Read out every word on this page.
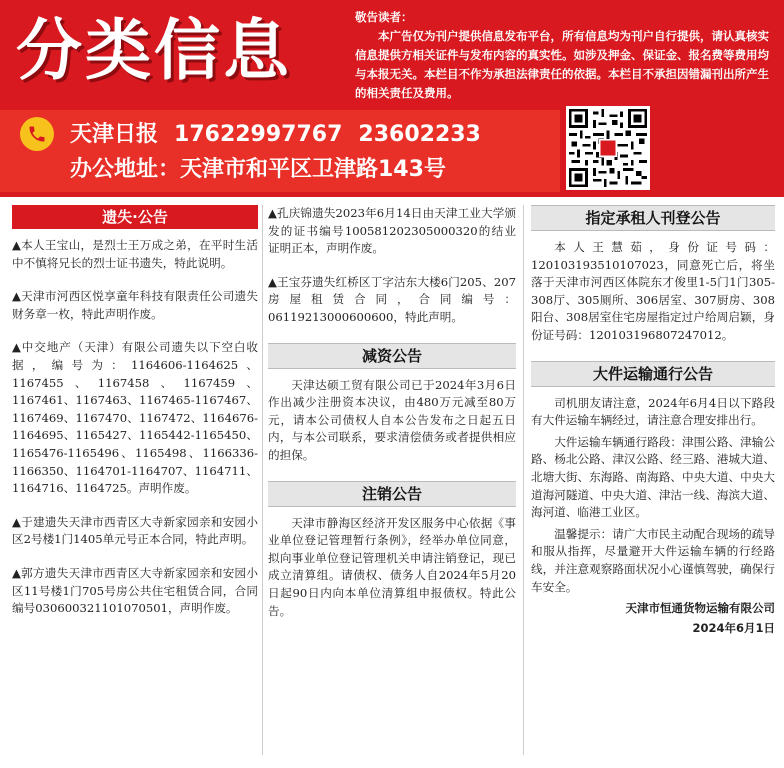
分类信息	敬告读者：
本广告仅为刊户提供信息发布平台，所有信息均为刊户自行提供，请认真核实信息提供方相关证件与发布内容的真实性。如涉及押金、保证金、报名费等费用均与本报无关。本栏目不作为承担法律责任的依据。本栏目不承担因错漏刊出所产生的相关责任及费用。
天津日报 17622997767 23602233
办公地址：天津市和平区卫津路143号
遗失·公告

▲本人王宝山，是烈士王万成之弟，在平时生活中不慎将兄长的烈士证书遗失，特此说明。

▲天津市河西区悦享童年科技有限责任公司遗失财务章一枚，特此声明作废。

▲中交地产（天津）有限公司遗失以下空白收据，编号为：1164606-1164625、1167455、1167458、1167459、1167461、1167463、1167465-1167467、1167469、1167470、1167472、1164676-1164695、1165427、1165442-1165450、1165476-1165496、1165498、1166336-1166350、1164701-1164707、1164711、1164716、1164725。声明作废。

▲于建遗失天津市西青区大寺新家园亲和安园小区2号楼1门1405单元号正本合同，特此声明。

▲郭方遗失天津市西青区大寺新家园亲和安园小区11号楼1门705号房公共住宅租赁合同，合同编号030600321101070501，声明作废。

▲孔庆锦遗失2023年6月14日由天津工业大学颁发的证书编号100581202305000320的结业证明正本，声明作废。

▲王宝芬遗失红桥区丁字沽东大楼6门205、207房屋租赁合同，合同编号：06119213000600600，特此声明。

减资公告

天津达硕工贸有限公司已于2024年3月6日作出减少注册资本决议，由480万元减至80万元，请本公司债权人自本公告发布之日起五日内，与本公司联系，要求清偿债务或者提供相应的担保。

注销公告

天津市静海区经济开发区服务中心依据《事业单位登记管理暂行条例》，经举办单位同意，拟向事业单位登记管理机关申请注销登记，现已成立清算组。请债权、债务人自2024年5月20日起90日内向本单位清算组申报债权。特此公告。

指定承租人刊登公告

本人王慧茹，身份证号码：120103193510107023，同意死亡后，将坐落于天津市河西区体院东才俊里1-5门1门305-308厅、305厕所、306居室、307厨房、308阳台、308居室住宅房屋指定过户给周启颖，身份证号码：120103196807247012。

大件运输通行公告

司机朋友请注意，2024年6月4日以下路段有大件运输车辆经过，请注意合理安排出行。

大件运输车辆通行路段：津围公路、津输公路、杨北公路、津汉公路、经三路、港城大道、北塘大街、东海路、南海路、中央大道、中央大道海河隧道、中央大道、津沽一线、海滨大道、海河道、临港工业区。

温馨提示：请广大市民主动配合现场的疏导和服从指挥，尽量避开大件运输车辆的行经路线，并注意观察路面状况小心谨慎驾驶，确保行车安全。

天津市恒通货物运输有限公司
2024年6月1日
